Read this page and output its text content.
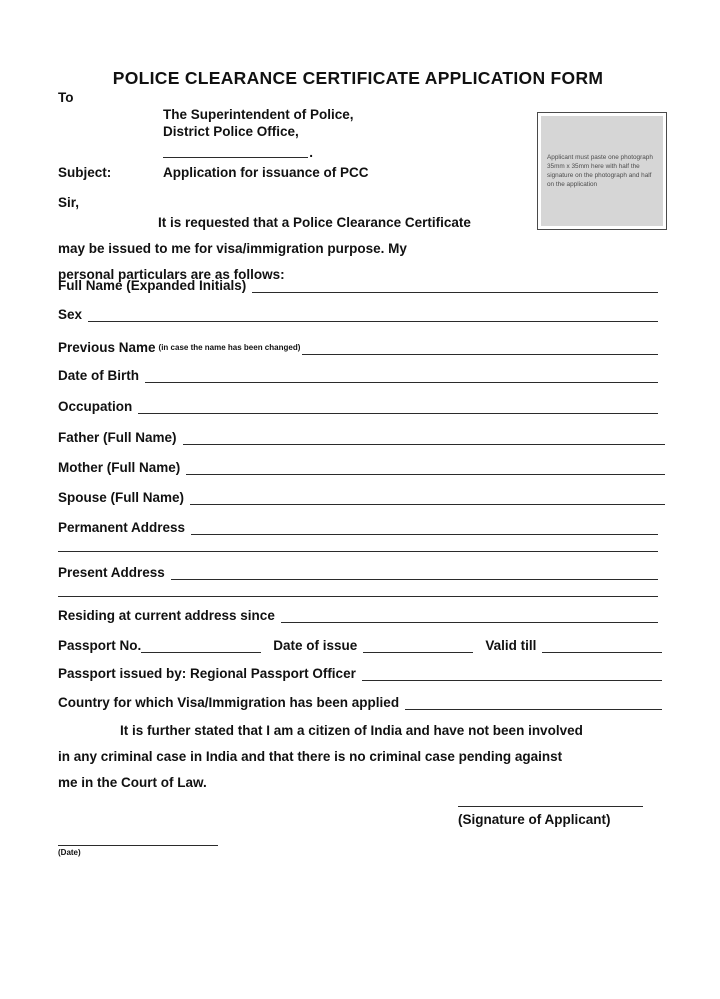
POLICE CLEARANCE CERTIFICATE APPLICATION FORM
To
The Superintendent of Police,
District Police Office,
.
Subject:	Application for issuance of PCC
Sir,
It is requested that a Police Clearance Certificate
may be issued to me for visa/immigration purpose. My
personal particulars are as follows:
Applicant must paste one photograph 35mm x 35mm here with half the signature on the photograph and half on the application
Full Name (Expanded Initials)
Sex
Previous Name (in case the name has been changed)
Date of Birth
Occupation
Father (Full Name)
Mother (Full Name)
Spouse (Full Name)
Permanent Address
Present Address
Residing at current address since
Passport No.	Date of issue	Valid till
Passport issued by: Regional Passport Officer
Country for which Visa/Immigration has been applied
It is further stated that I am a citizen of India and have not been involved
in any criminal case in India and that there is no criminal case pending against
me in the Court of Law.
(Signature of Applicant)
(Date)
